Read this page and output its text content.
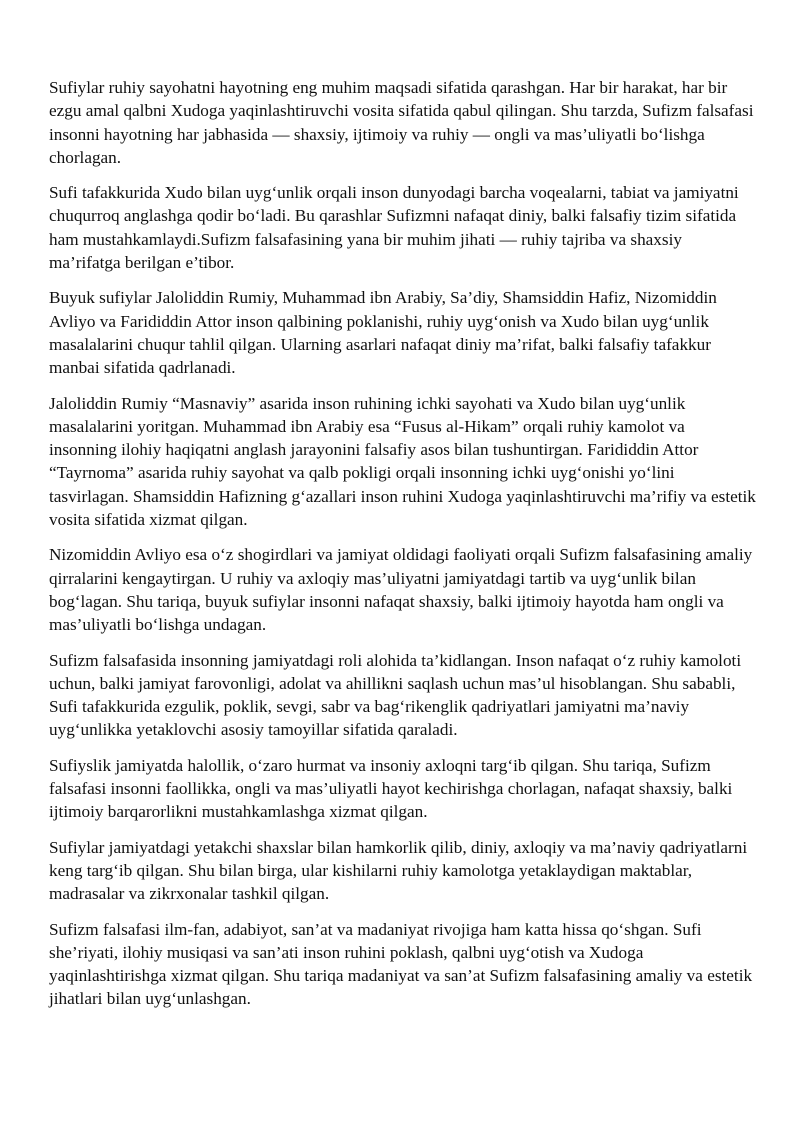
Sufiylar ruhiy sayohatni hayotning eng muhim maqsadi sifatida qarashgan. Har bir harakat, har bir ezgu amal qalbni Xudoga yaqinlashtiruvchi vosita sifatida qabul qilingan. Shu tarzda, Sufizm falsafasi insonni hayotning har jabhasida — shaxsiy, ijtimoiy va ruhiy — ongli va mas’uliyatli bo‘lishga chorlagan.

Sufi tafakkurida Xudo bilan uyg‘unlik orqali inson dunyodagi barcha voqealarni, tabiat va jamiyatni chuqurroq anglashga qodir bo‘ladi. Bu qarashlar Sufizmni nafaqat diniy, balki falsafiy tizim sifatida ham mustahkamlaydi.Sufizm falsafasining yana bir muhim jihati — ruhiy tajriba va shaxsiy ma’rifatga berilgan e’tibor.

Buyuk sufiylar Jaloliddin Rumiy, Muhammad ibn Arabiy, Sa’diy, Shamsiddin Hafiz, Nizomiddin Avliyo va Farididdin Attor inson qalbining poklanishi, ruhiy uyg‘onish va Xudo bilan uyg‘unlik masalalarini chuqur tahlil qilgan. Ularning asarlari nafaqat diniy ma’rifat, balki falsafiy tafakkur manbai sifatida qadrlanadi.

Jaloliddin Rumiy “Masnaviy” asarida inson ruhining ichki sayohati va Xudo bilan uyg‘unlik masalalarini yoritgan. Muhammad ibn Arabiy esa “Fusus al-Hikam” orqali ruhiy kamolot va insonning ilohiy haqiqatni anglash jarayonini falsafiy asos bilan tushuntirgan. Farididdin Attor “Tayrnoma” asarida ruhiy sayohat va qalb pokligi orqali insonning ichki uyg‘onishi yo‘lini tasvirlagan. Shamsiddin Hafizning g‘azallari inson ruhini Xudoga yaqinlashtiruvchi ma’rifiy va estetik vosita sifatida xizmat qilgan.

Nizomiddin Avliyo esa o‘z shogirdlari va jamiyat oldidagi faoliyati orqali Sufizm falsafasining amaliy qirralarini kengaytirgan. U ruhiy va axloqiy mas’uliyatni jamiyatdagi tartib va uyg‘unlik bilan bog‘lagan. Shu tariqa, buyuk sufiylar insonni nafaqat shaxsiy, balki ijtimoiy hayotda ham ongli va mas’uliyatli bo‘lishga undagan.

Sufizm falsafasida insonning jamiyatdagi roli alohida ta’kidlangan. Inson nafaqat o‘z ruhiy kamoloti uchun, balki jamiyat farovonligi, adolat va ahillikni saqlash uchun mas’ul hisoblangan. Shu sababli, Sufi tafakkurida ezgulik, poklik, sevgi, sabr va bag‘rikenglik qadriyatlari jamiyatni ma’naviy uyg‘unlikka yetaklovchi asosiy tamoyillar sifatida qaraladi.

Sufiyslik jamiyatda halollik, o‘zaro hurmat va insoniy axloqni targ‘ib qilgan. Shu tariqa, Sufizm falsafasi insonni faollikka, ongli va mas’uliyatli hayot kechirishga chorlagan, nafaqat shaxsiy, balki ijtimoiy barqarorlikni mustahkamlashga xizmat qilgan.

Sufiylar jamiyatdagi yetakchi shaxslar bilan hamkorlik qilib, diniy, axloqiy va ma’naviy qadriyatlarni keng targ‘ib qilgan. Shu bilan birga, ular kishilarni ruhiy kamolotga yetaklaydigan maktablar, madrasalar va zikrxonalar tashkil qilgan.

Sufizm falsafasi ilm-fan, adabiyot, san’at va madaniyat rivojiga ham katta hissa qo‘shgan. Sufi she’riyati, ilohiy musiqasi va san’ati inson ruhini poklash, qalbni uyg‘otish va Xudoga yaqinlashtirishga xizmat qilgan. Shu tariqa madaniyat va san’at Sufizm falsafasining amaliy va estetik jihatlari bilan uyg‘unlashgan.
